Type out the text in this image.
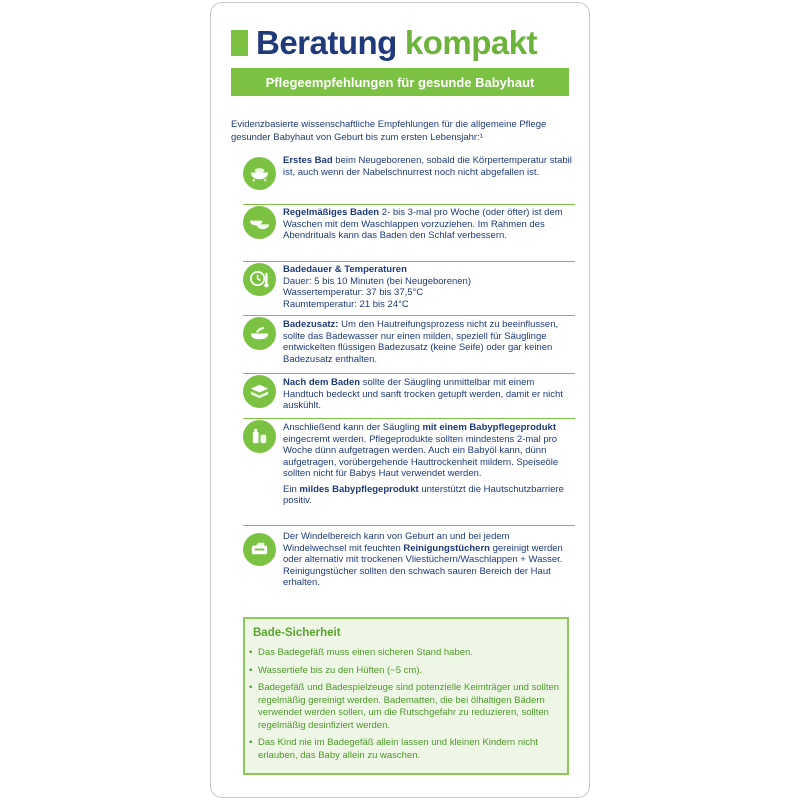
Beratung kompakt
Pflegeempfehlungen für gesunde Babyhaut
Evidenzbasierte wissenschaftliche Empfehlungen für die allgemeine Pflege gesunder Babyhaut von Geburt bis zum ersten Lebensjahr:¹
Erstes Bad beim Neugeborenen, sobald die Körpertemperatur stabil ist, auch wenn der Nabelschnurrest noch nicht abgefallen ist.
Regelmäßiges Baden 2- bis 3-mal pro Woche (oder öfter) ist dem Waschen mit dem Waschlappen vorzuziehen. Im Rahmen des Abendrituals kann das Baden den Schlaf verbessern.

Badedauer & Temperaturen

Dauer: 5 bis 10 Minuten (bei Neugeborenen)

Wassertemperatur: 37 bis 37,5°C

Raumtemperatur: 21 bis 24°C

Badezusatz: Um den Hautreifungsprozess nicht zu beeinflussen, sollte das Badewasser nur einen milden, speziell für Säuglinge entwickelten flüssigen Badezusatz (keine Seife) oder gar keinen Badezusatz enthalten.
Nach dem Baden sollte der Säugling unmittelbar mit einem Handtuch bedeckt und sanft trocken getupft werden, damit er nicht auskühlt.

Anschließend kann der Säugling mit einem Babypflegeprodukt eingecremt werden. Pflegeprodukte sollten mindestens 2-mal pro Woche dünn aufgetragen werden. Auch ein Babyöl kann, dünn aufgetragen, vorübergehende Hauttrockenheit mildern. Speiseöle sollten nicht für Babys Haut verwendet werden.

Ein mildes Babypflegeprodukt unterstützt die Hautschutzbarriere positiv.

Der Windelbereich kann von Geburt an und bei jedem Windelwechsel mit feuchten Reinigungstüchern gereinigt werden oder alternativ mit trockenen Vliestüchern/Waschlappen + Wasser. Reinigungstücher sollten den schwach sauren Bereich der Haut erhalten.
Bade-Sicherheit
• Das Badegefäß muss einen sicheren Stand haben.
• Wassertiefe bis zu den Hüften (~5 cm).
• Badegefäß und Badespielzeuge sind potenzielle Keimträger und sollten regelmäßig gereinigt werden. Badematten, die bei ölhaltigen Bädern verwendet werden sollen, um die Rutschgefahr zu reduzieren, sollten regelmäßig desinfiziert werden.
• Das Kind nie im Badegefäß allein lassen und kleinen Kindern nicht erlauben, das Baby allein zu waschen.
